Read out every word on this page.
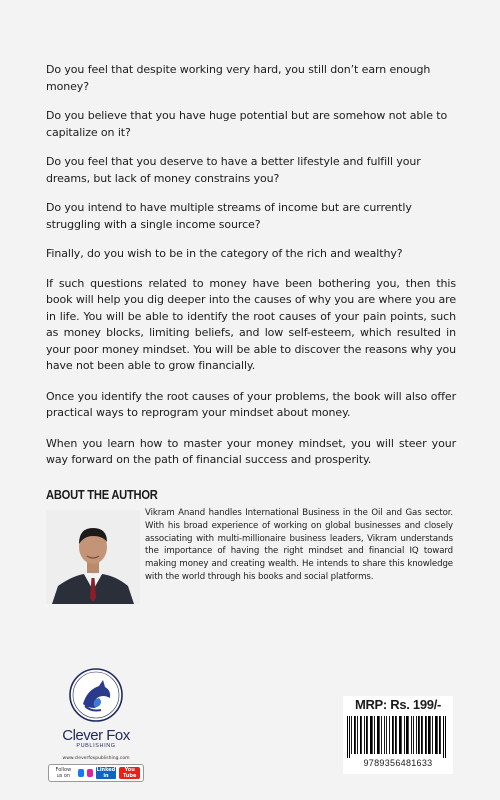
Do you feel that despite working very hard, you still don’t earn enough money?

Do you believe that you have huge potential but are somehow not able to capitalize on it?

Do you feel that you deserve to have a better lifestyle and fulfill your dreams, but lack of money constrains you?

Do you intend to have multiple streams of income but are currently struggling with a single income source?

Finally, do you wish to be in the category of the rich and wealthy?

If such questions related to money have been bothering you, then this book will help you dig deeper into the causes of why you are where you are in life. You will be able to identify the root causes of your pain points, such as money blocks, limiting beliefs, and low self-esteem, which resulted in your poor money mindset. You will be able to discover the reasons why you have not been able to grow financially.

Once you identify the root causes of your problems, the book will also offer practical ways to reprogram your mindset about money.

When you learn how to master your money mindset, you will steer your way forward on the path of financial success and prosperity.

ABOUT THE AUTHOR

Vikram Anand handles International Business in the Oil and Gas sector. With his broad experience of working on global businesses and closely associating with multi-millionaire business leaders, Vikram understands the importance of having the right mindset and financial IQ toward making money and creating wealth. He intends to share this knowledge with the world through his books and social platforms.

Clever Fox
PUBLISHING
www.cleverfoxpublishing.com
Follow us on
Linked in
You Tube
MRP: Rs. 199/-
9789356481633
